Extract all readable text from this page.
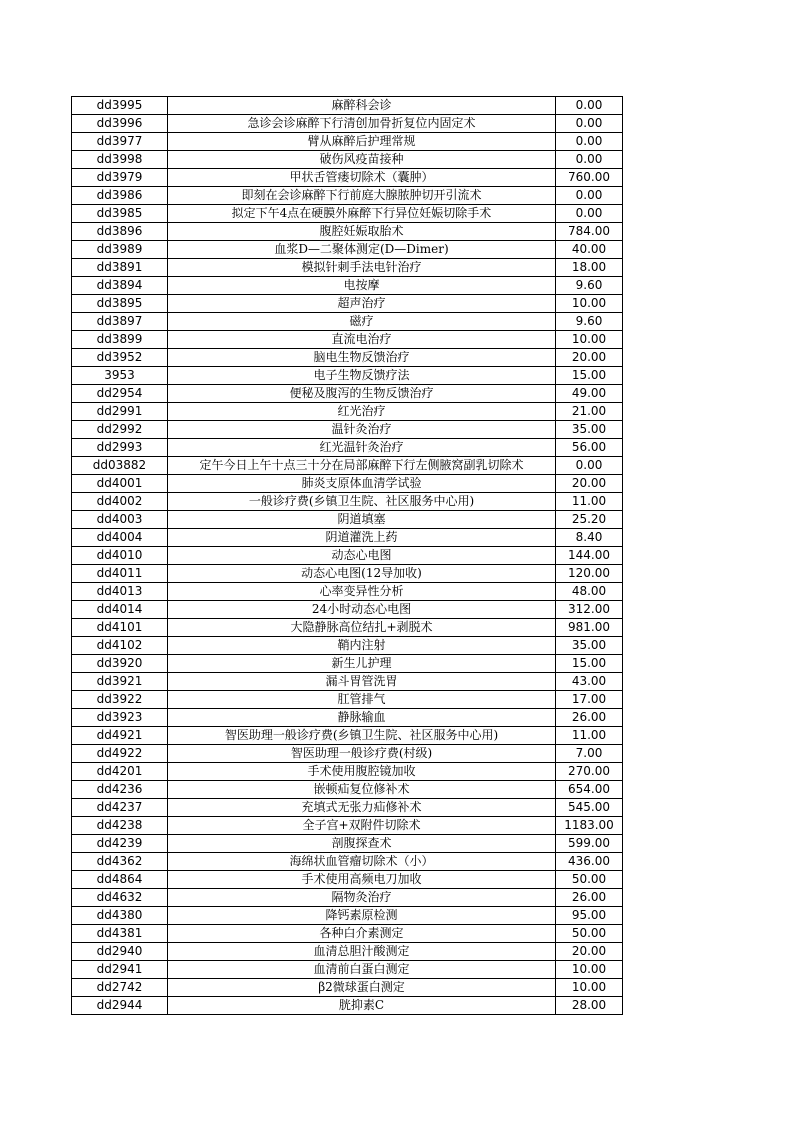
dd3995	麻醉科会诊	0.00
dd3996	急诊会诊麻醉下行清创加骨折复位内固定术	0.00
dd3977	臂从麻醉后护理常规	0.00
dd3998	破伤风疫苗接种	0.00
dd3979	甲状舌管瘘切除术（囊肿）	760.00
dd3986	即刻在会诊麻醉下行前庭大腺脓肿切开引流术	0.00
dd3985	拟定下午4点在硬膜外麻醉下行异位妊娠切除手术	0.00
dd3896	腹腔妊娠取胎术	784.00
dd3989	血浆D—二聚体测定(D—Dimer)	40.00
dd3891	模拟针刺手法电针治疗	18.00
dd3894	电按摩	9.60
dd3895	超声治疗	10.00
dd3897	磁疗	9.60
dd3899	直流电治疗	10.00
dd3952	脑电生物反馈治疗	20.00
3953	电子生物反馈疗法	15.00
dd2954	便秘及腹泻的生物反馈治疗	49.00
dd2991	红光治疗	21.00
dd2992	温针灸治疗	35.00
dd2993	红光温针灸治疗	56.00
dd03882	定午今日上午十点三十分在局部麻醉下行左侧腋窝副乳切除术	0.00
dd4001	肺炎支原体血清学试验	20.00
dd4002	一般诊疗费(乡镇卫生院、社区服务中心用)	11.00
dd4003	阴道填塞	25.20
dd4004	阴道灌洗上药	8.40
dd4010	动态心电图	144.00
dd4011	动态心电图(12导加收)	120.00
dd4013	心率变异性分析	48.00
dd4014	24小时动态心电图	312.00
dd4101	大隐静脉高位结扎+剥脱术	981.00
dd4102	鞘内注射	35.00
dd3920	新生儿护理	15.00
dd3921	漏斗胃管洗胃	43.00
dd3922	肛管排气	17.00
dd3923	静脉输血	26.00
dd4921	智医助理一般诊疗费(乡镇卫生院、社区服务中心用)	11.00
dd4922	智医助理一般诊疗费(村级)	7.00
dd4201	手术使用腹腔镜加收	270.00
dd4236	嵌顿疝复位修补术	654.00
dd4237	充填式无张力疝修补术	545.00
dd4238	全子宫+双附件切除术	1183.00
dd4239	剖腹探查术	599.00
dd4362	海绵状血管瘤切除术（小）	436.00
dd4864	手术使用高频电刀加收	50.00
dd4632	隔物灸治疗	26.00
dd4380	降钙素原检测	95.00
dd4381	各种白介素测定	50.00
dd2940	血清总胆汁酸测定	20.00
dd2941	血清前白蛋白测定	10.00
dd2742	β2微球蛋白测定	10.00
dd2944	胱抑素C	28.00
